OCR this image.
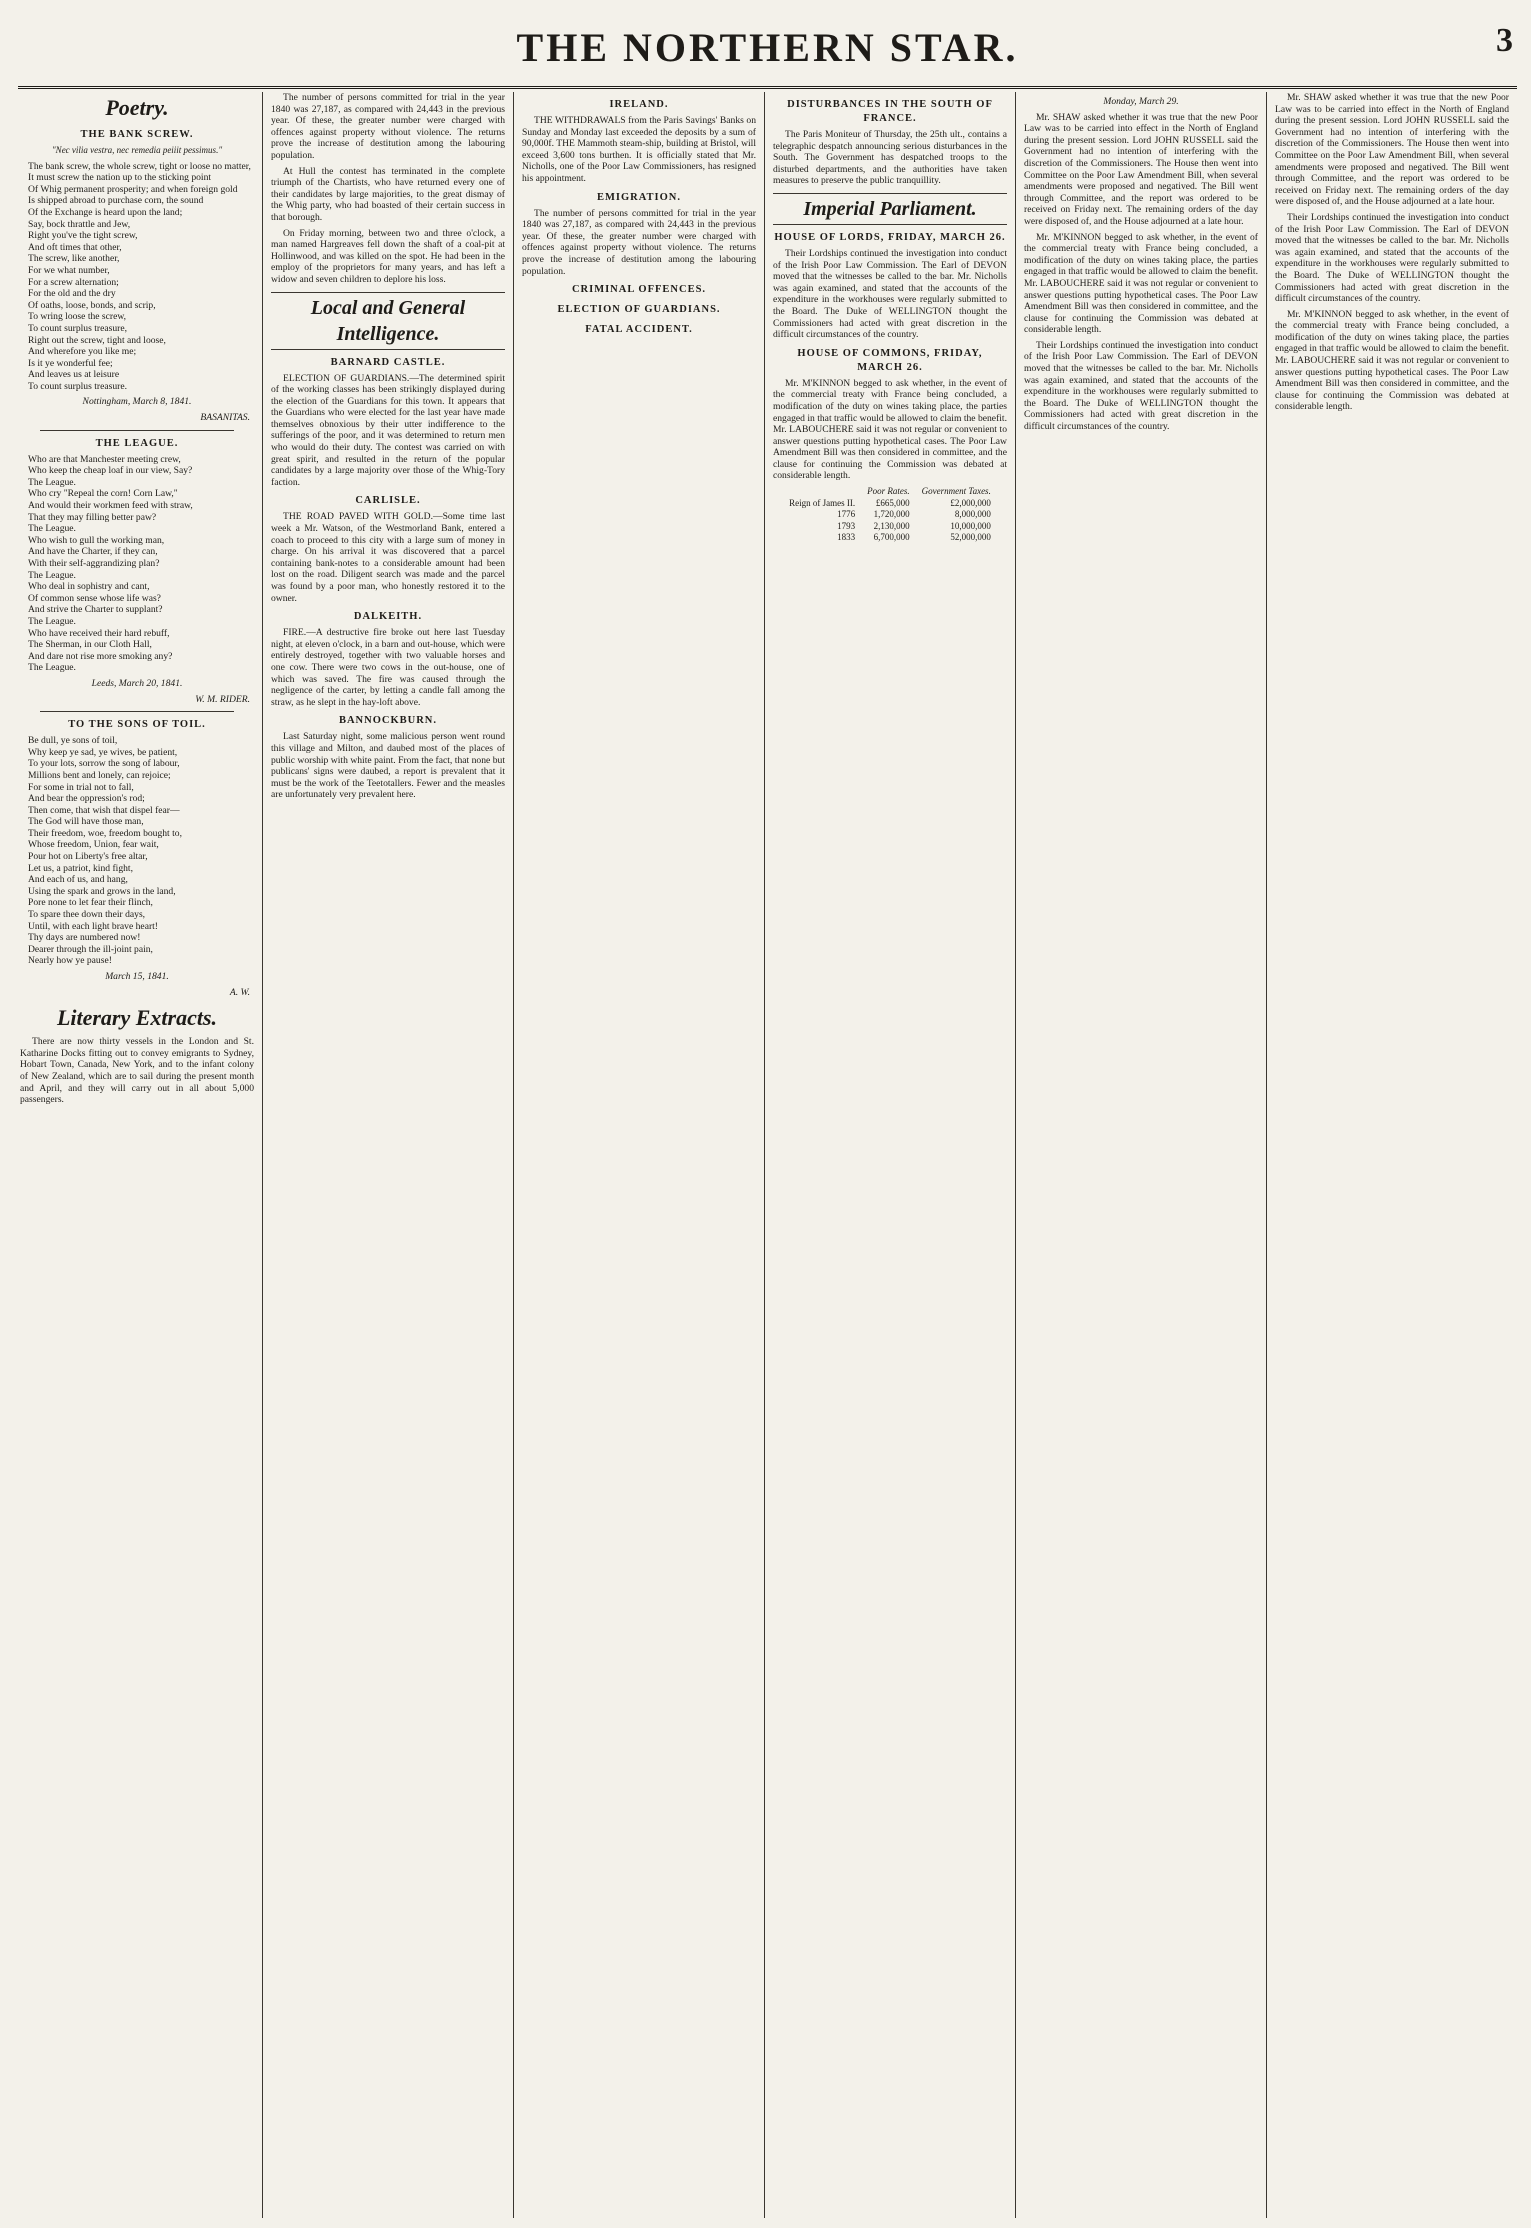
THE NORTHERN STAR.	3
Poetry.
THE BANK SCREW.
"Nec vilia vestra, nec remedia peiiit pessimus."
The bank screw, the whole screw, tight or loose no matter,
It must screw the nation up to the sticking point
Of Whig permanent prosperity; and when foreign gold
Is shipped abroad to purchase corn, the sound
Of the Exchange is heard upon the land;
Say, bock thrattle and Jew,
Right you've the tight screw,
And oft times that other,
The screw, like another,
For we what number,
For a screw alternation;
For the old and the dry
Of oaths, loose, bonds, and scrip,
To wring loose the screw,
To count surplus treasure,
Right out the screw, tight and loose,
And wherefore you like me;
Is it ye wonderful fee;
And leaves us at leisure
To count surplus treasure.
Nottingham, March 8, 1841.
BASANITAS.
THE LEAGUE.
Who are that Manchester meeting crew,
Who keep the cheap loaf in our view, Say?
The League.
Who cry "Repeal the corn! Corn Law,"
And would their workmen feed with straw,
That they may filling better paw?
The League.
Who wish to gull the working man,
And have the Charter, if they can,
With their self-aggrandizing plan?
The League.
Who deal in sophistry and cant,
Of common sense whose life was?
And strive the Charter to supplant?
The League.
Who have received their hard rebuff,
The Sherman, in our Cloth Hall,
And dare not rise more smoking any?
The League.
Leeds, March 20, 1841.
W. M. RIDER.
TO THE SONS OF TOIL.
Be dull, ye sons of toil,
Why keep ye sad, ye wives, be patient,
To your lots, sorrow the song of labour,
Millions bent and lonely, can rejoice;
For some in trial not to fall,
And bear the oppression's rod;
Then come, that wish that dispel fear—
The God will have those man,
Their freedom, woe, freedom bought to,
Whose freedom, Union, fear wait,
Pour hot on Liberty's free altar,
Let us, a patriot, kind fight,
And each of us, and hang,
Using the spark and grows in the land,
Pore none to let fear their flinch,
To spare thee down their days,
Until, with each light brave heart!
Thy days are numbered now!
Dearer through the ill-joint pain,
Nearly how ye pause!
March 15, 1841.
A. W.
Literary Extracts.

There are now thirty vessels in the London and St. Katharine Docks fitting out to convey emigrants to Sydney, Hobart Town, Canada, New York, and to the infant colony of New Zealand, which are to sail during the present month and April, and they will carry out in all about 5,000 passengers.

The number of persons committed for trial in the year 1840 was 27,187, as compared with 24,443 in the previous year. Of these, the greater number were charged with offences against property without violence. The returns prove the increase of destitution among the labouring population.

At Hull the contest has terminated in the complete triumph of the Chartists, who have returned every one of their candidates by large majorities, to the great dismay of the Whig party, who had boasted of their certain success in that borough.

On Friday morning, between two and three o'clock, a man named Hargreaves fell down the shaft of a coal-pit at Hollinwood, and was killed on the spot. He had been in the employ of the proprietors for many years, and has left a widow and seven children to deplore his loss.

Local and General Intelligence.
BARNARD CASTLE.

ELECTION OF GUARDIANS.—The determined spirit of the working classes has been strikingly displayed during the election of the Guardians for this town. It appears that the Guardians who were elected for the last year have made themselves obnoxious by their utter indifference to the sufferings of the poor, and it was determined to return men who would do their duty. The contest was carried on with great spirit, and resulted in the return of the popular candidates by a large majority over those of the Whig-Tory faction.

CARLISLE.

THE ROAD PAVED WITH GOLD.—Some time last week a Mr. Watson, of the Westmorland Bank, entered a coach to proceed to this city with a large sum of money in charge. On his arrival it was discovered that a parcel containing bank-notes to a considerable amount had been lost on the road. Diligent search was made and the parcel was found by a poor man, who honestly restored it to the owner.

DALKEITH.

FIRE.—A destructive fire broke out here last Tuesday night, at eleven o'clock, in a barn and out-house, which were entirely destroyed, together with two valuable horses and one cow. There were two cows in the out-house, one of which was saved. The fire was caused through the negligence of the carter, by letting a candle fall among the straw, as he slept in the hay-loft above.

BANNOCKBURN.

Last Saturday night, some malicious person went round this village and Milton, and daubed most of the places of public worship with white paint. From the fact, that none but publicans' signs were daubed, a report is prevalent that it must be the work of the Teetotallers. Fewer and the measles are unfortunately very prevalent here.

IRELAND.

THE WITHDRAWALS from the Paris Savings' Banks on Sunday and Monday last exceeded the deposits by a sum of 90,000f. THE Mammoth steam-ship, building at Bristol, will exceed 3,600 tons burthen. It is officially stated that Mr. Nicholls, one of the Poor Law Commissioners, has resigned his appointment.

EMIGRATION.

The number of persons committed for trial in the year 1840 was 27,187, as compared with 24,443 in the previous year. Of these, the greater number were charged with offences against property without violence. The returns prove the increase of destitution among the labouring population.

CRIMINAL OFFENCES.
ELECTION OF GUARDIANS.
FATAL ACCIDENT.
DISTURBANCES IN THE SOUTH OF FRANCE.

The Paris Moniteur of Thursday, the 25th ult., contains a telegraphic despatch announcing serious disturbances in the South. The Government has despatched troops to the disturbed departments, and the authorities have taken measures to preserve the public tranquillity.

Imperial Parliament.
HOUSE OF LORDS, FRIDAY, MARCH 26.

Their Lordships continued the investigation into conduct of the Irish Poor Law Commission. The Earl of DEVON moved that the witnesses be called to the bar. Mr. Nicholls was again examined, and stated that the accounts of the expenditure in the workhouses were regularly submitted to the Board. The Duke of WELLINGTON thought the Commissioners had acted with great discretion in the difficult circumstances of the country.

HOUSE OF COMMONS, FRIDAY, MARCH 26.

Mr. M'KINNON begged to ask whether, in the event of the commercial treaty with France being concluded, a modification of the duty on wines taking place, the parties engaged in that traffic would be allowed to claim the benefit. Mr. LABOUCHERE said it was not regular or convenient to answer questions putting hypothetical cases. The Poor Law Amendment Bill was then considered in committee, and the clause for continuing the Commission was debated at considerable length.

	Poor Rates.	Government Taxes.
Reign of James II.	£665,000	£2,000,000
1776	1,720,000	8,000,000
1793	2,130,000	10,000,000
1833	6,700,000	52,000,000
Monday, March 29.

Mr. SHAW asked whether it was true that the new Poor Law was to be carried into effect in the North of England during the present session. Lord JOHN RUSSELL said the Government had no intention of interfering with the discretion of the Commissioners. The House then went into Committee on the Poor Law Amendment Bill, when several amendments were proposed and negatived. The Bill went through Committee, and the report was ordered to be received on Friday next. The remaining orders of the day were disposed of, and the House adjourned at a late hour.

Mr. M'KINNON begged to ask whether, in the event of the commercial treaty with France being concluded, a modification of the duty on wines taking place, the parties engaged in that traffic would be allowed to claim the benefit. Mr. LABOUCHERE said it was not regular or convenient to answer questions putting hypothetical cases. The Poor Law Amendment Bill was then considered in committee, and the clause for continuing the Commission was debated at considerable length.

Their Lordships continued the investigation into conduct of the Irish Poor Law Commission. The Earl of DEVON moved that the witnesses be called to the bar. Mr. Nicholls was again examined, and stated that the accounts of the expenditure in the workhouses were regularly submitted to the Board. The Duke of WELLINGTON thought the Commissioners had acted with great discretion in the difficult circumstances of the country.

Mr. SHAW asked whether it was true that the new Poor Law was to be carried into effect in the North of England during the present session. Lord JOHN RUSSELL said the Government had no intention of interfering with the discretion of the Commissioners. The House then went into Committee on the Poor Law Amendment Bill, when several amendments were proposed and negatived. The Bill went through Committee, and the report was ordered to be received on Friday next. The remaining orders of the day were disposed of, and the House adjourned at a late hour.

Their Lordships continued the investigation into conduct of the Irish Poor Law Commission. The Earl of DEVON moved that the witnesses be called to the bar. Mr. Nicholls was again examined, and stated that the accounts of the expenditure in the workhouses were regularly submitted to the Board. The Duke of WELLINGTON thought the Commissioners had acted with great discretion in the difficult circumstances of the country.

Mr. M'KINNON begged to ask whether, in the event of the commercial treaty with France being concluded, a modification of the duty on wines taking place, the parties engaged in that traffic would be allowed to claim the benefit. Mr. LABOUCHERE said it was not regular or convenient to answer questions putting hypothetical cases. The Poor Law Amendment Bill was then considered in committee, and the clause for continuing the Commission was debated at considerable length.
